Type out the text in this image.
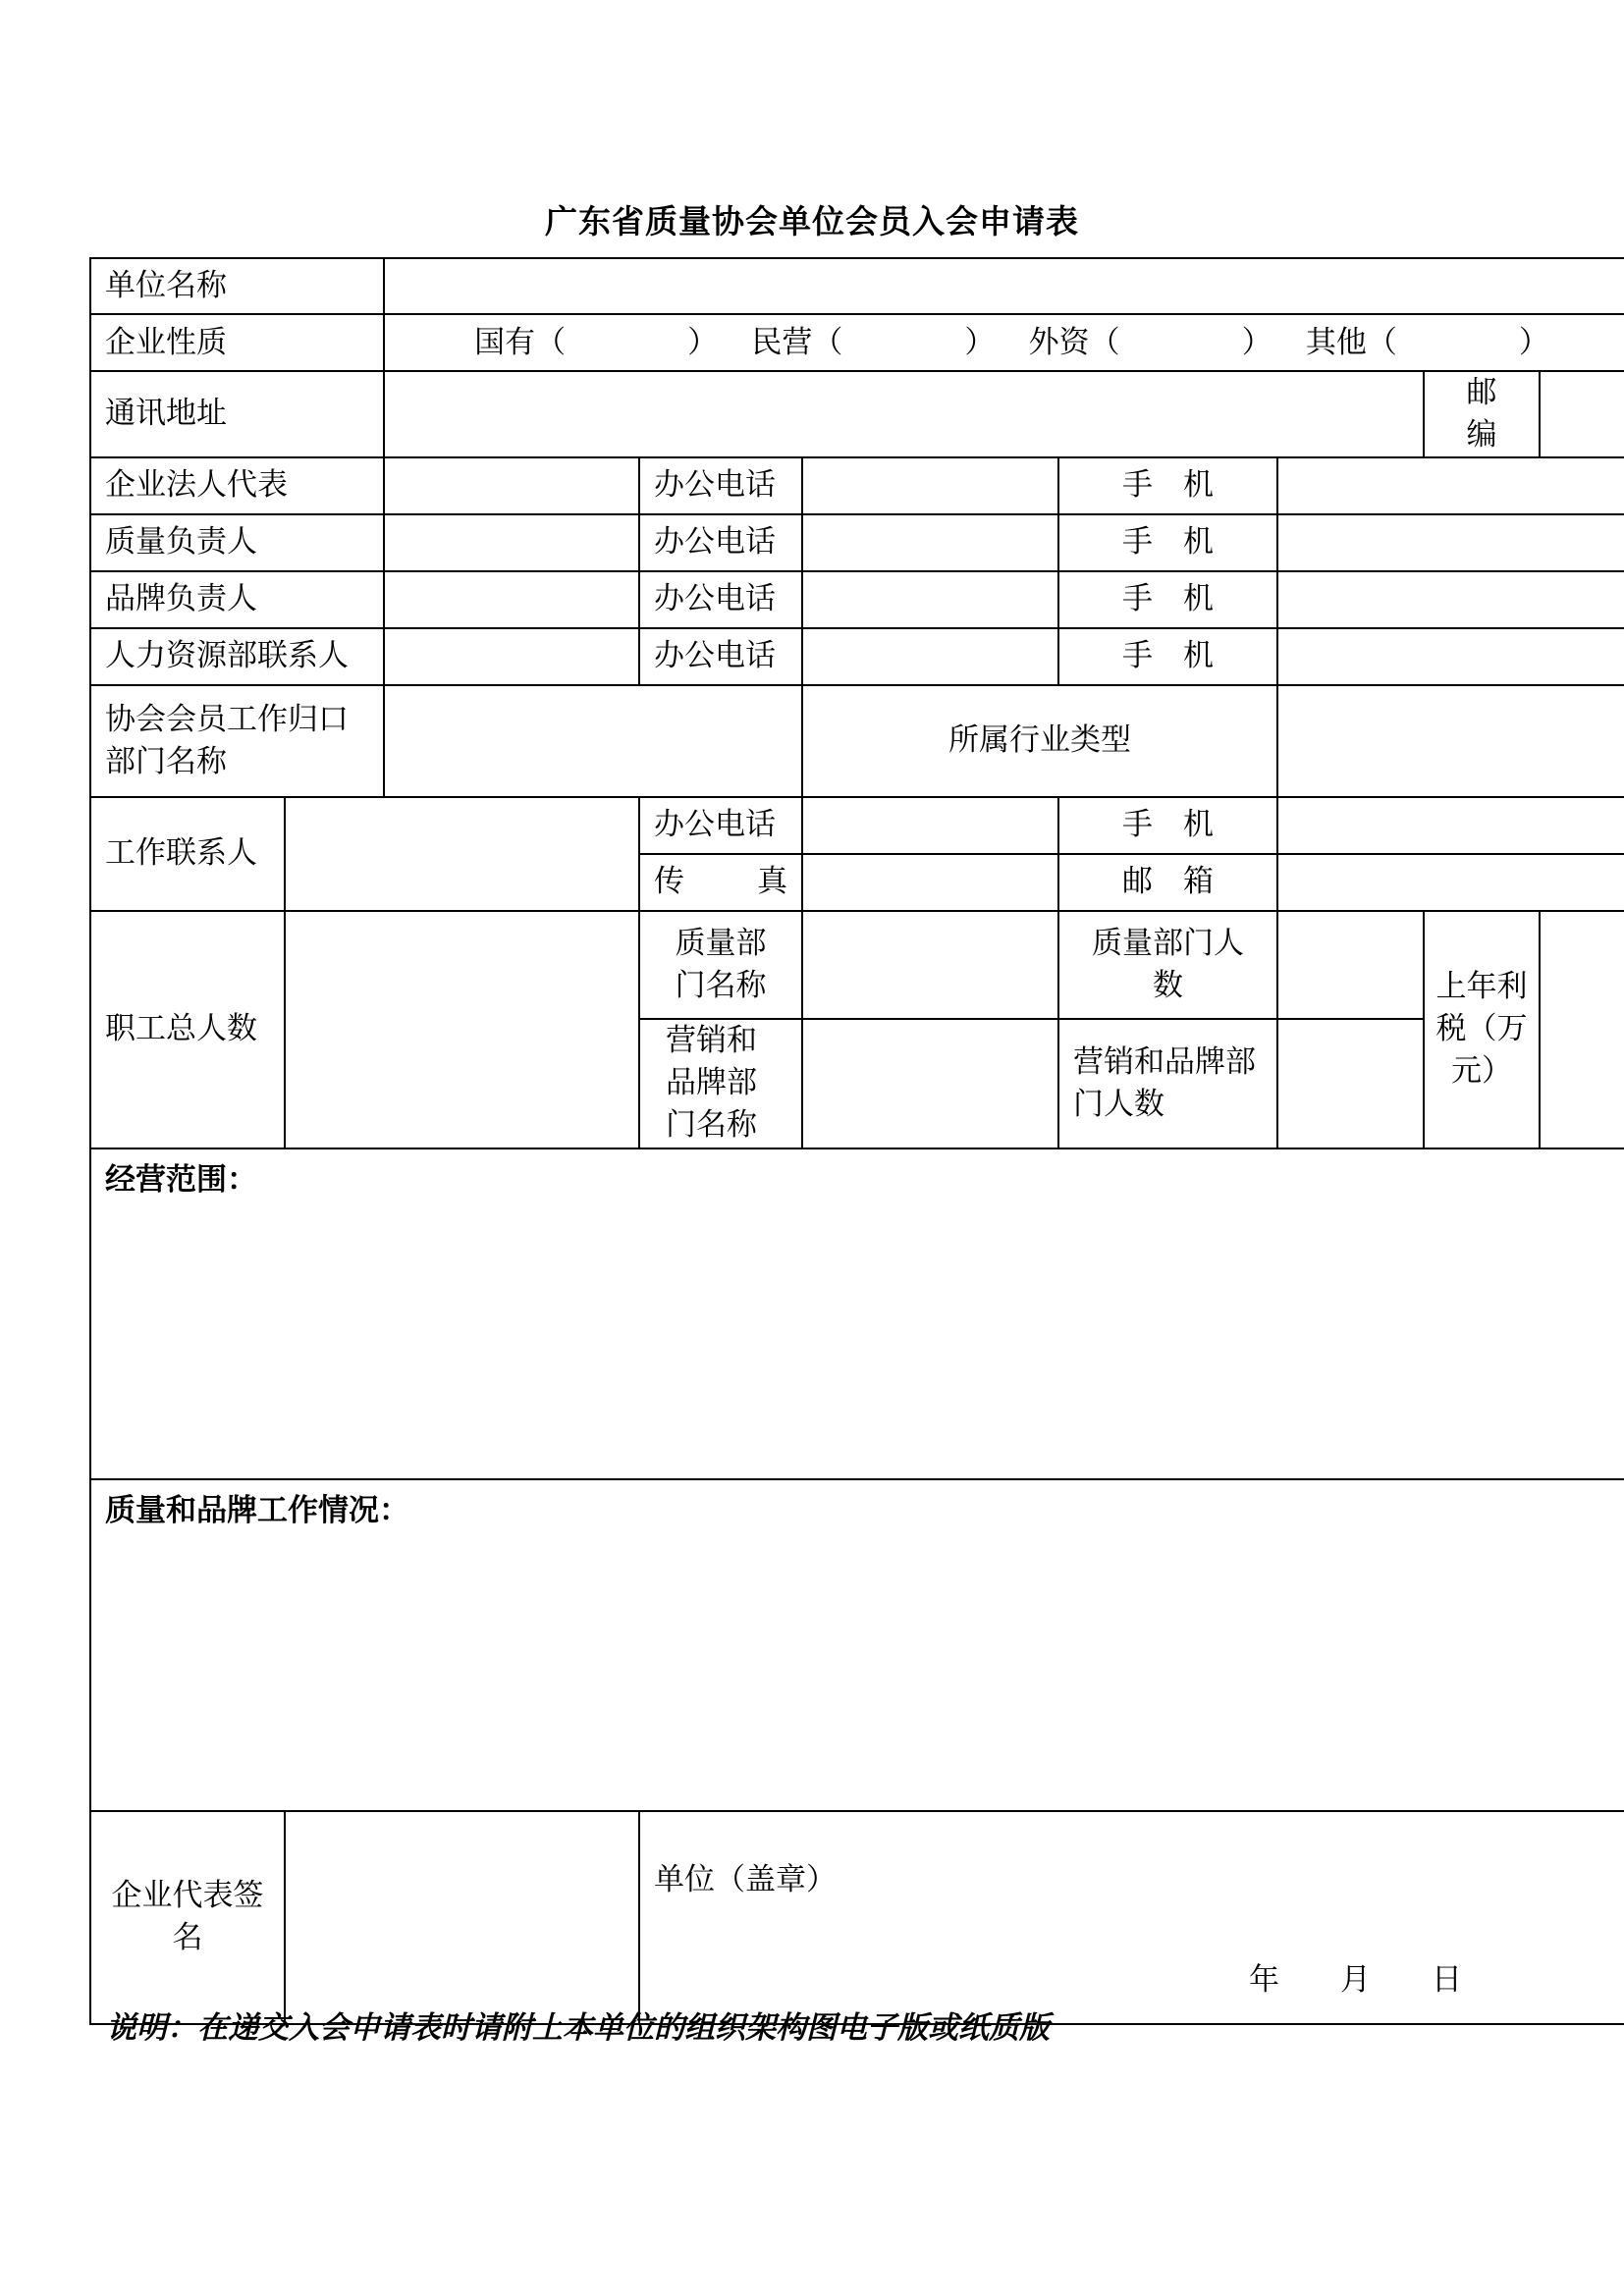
广东省质量协会单位会员入会申请表
单位名称								
企业性质		国有（　　　　） 民营（　　　　） 外资（　　　　） 其他（　　　　）						

通讯地址							邮　编	
企业法人代表			办公电话		手　机			
质量负责人			办公电话		手　机			
品牌负责人			办公电话		手　机			
人力资源部联系人			办公电话		手　机			
协会会员工作归口部门名称				所属行业类型				
工作联系人			办公电话		手　机			
			传　真		邮　箱			
职工总人数			质量部门名称		质量部门人数		上年利税（万元）	
			营销和品牌部门名称		营销和品牌部门人数			
经营范围：								
质量和品牌工作情况：								
企业代表签名			单位（盖章）
年　　月　　日					
说明：在递交入会申请表时请附上本单位的组织架构图电子版或纸质版
